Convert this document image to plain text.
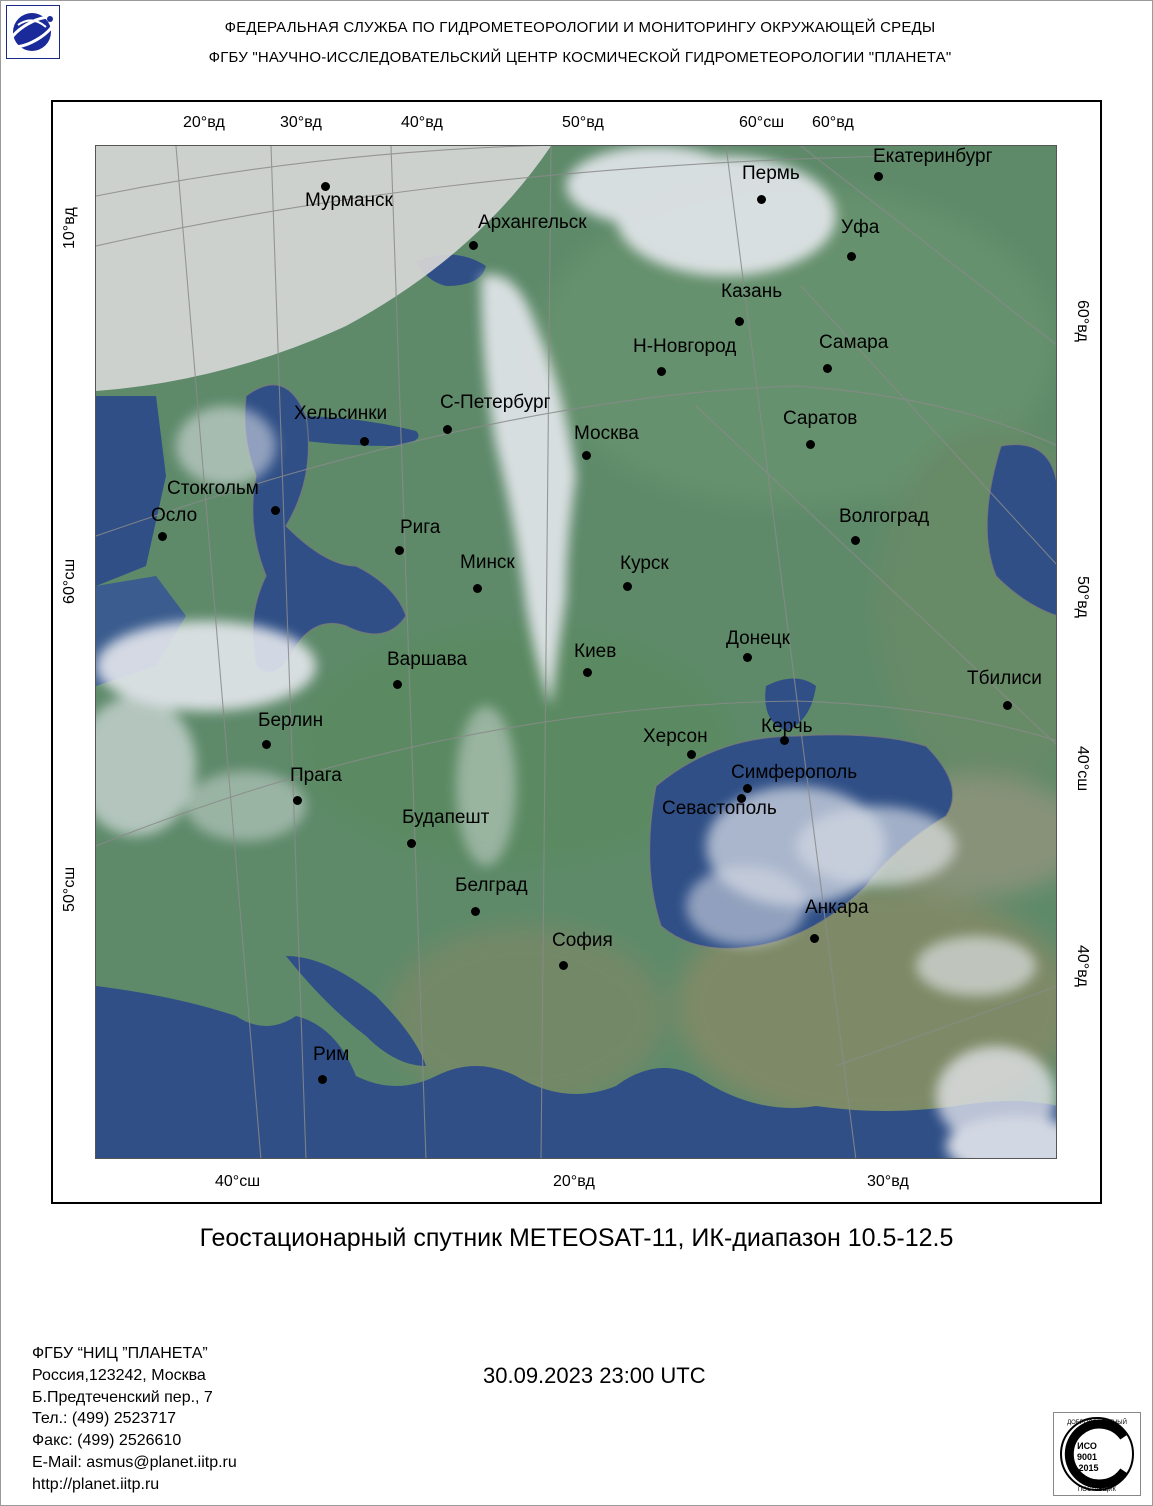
ФЕДЕРАЛЬНАЯ СЛУЖБА ПО ГИДРОМЕТЕОРОЛОГИИ И МОНИТОРИНГУ ОКРУЖАЮЩЕЙ СРЕДЫ
ФГБУ "НАУЧНО-ИССЛЕДОВАТЕЛЬСКИЙ ЦЕНТР КОСМИЧЕСКОЙ ГИДРОМЕТЕОРОЛОГИИ "ПЛАНЕТА"
20°вд	30°вд	40°вд	50°вд	60°сш 60°вд
40°сш	20°вд	30°вд
10°вд
60°сш
50°сш
60°вд
50°вд
40°сш
40°вд
Мурманск
Архангельск
Пермь
Екатеринбург
Уфа
Казань
Н-Новгород	Самара
С-Петербург
Хельсинки
Москва
Саратов
Стокгольм
Осло
Рига
Волгоград
Минск	Курск
Донецк
Киев
Варшава
Тбилиси
Берлин	Керчь
Херсон
Симферополь
Севастополь
Прага
Будапешт
Белград
Анкара
София
Рим
Геостационарный спутник METEOSAT-11, ИК-диапазон 10.5-12.5
30.09.2023 23:00 UTC
ФГБУ “НИЦ ”ПЛАНЕТА”
Россия,123242, Москва
Б.Предтеченский пер., 7
Тел.: (499) 2523717
Факс: (499) 2526610
E-Mail: asmus@planet.iitp.ru
http://planet.iitp.ru
ДОБРОСОВЕСТНЫЙ
ПОСТАВЩИК
ИСО
9001
-2015
